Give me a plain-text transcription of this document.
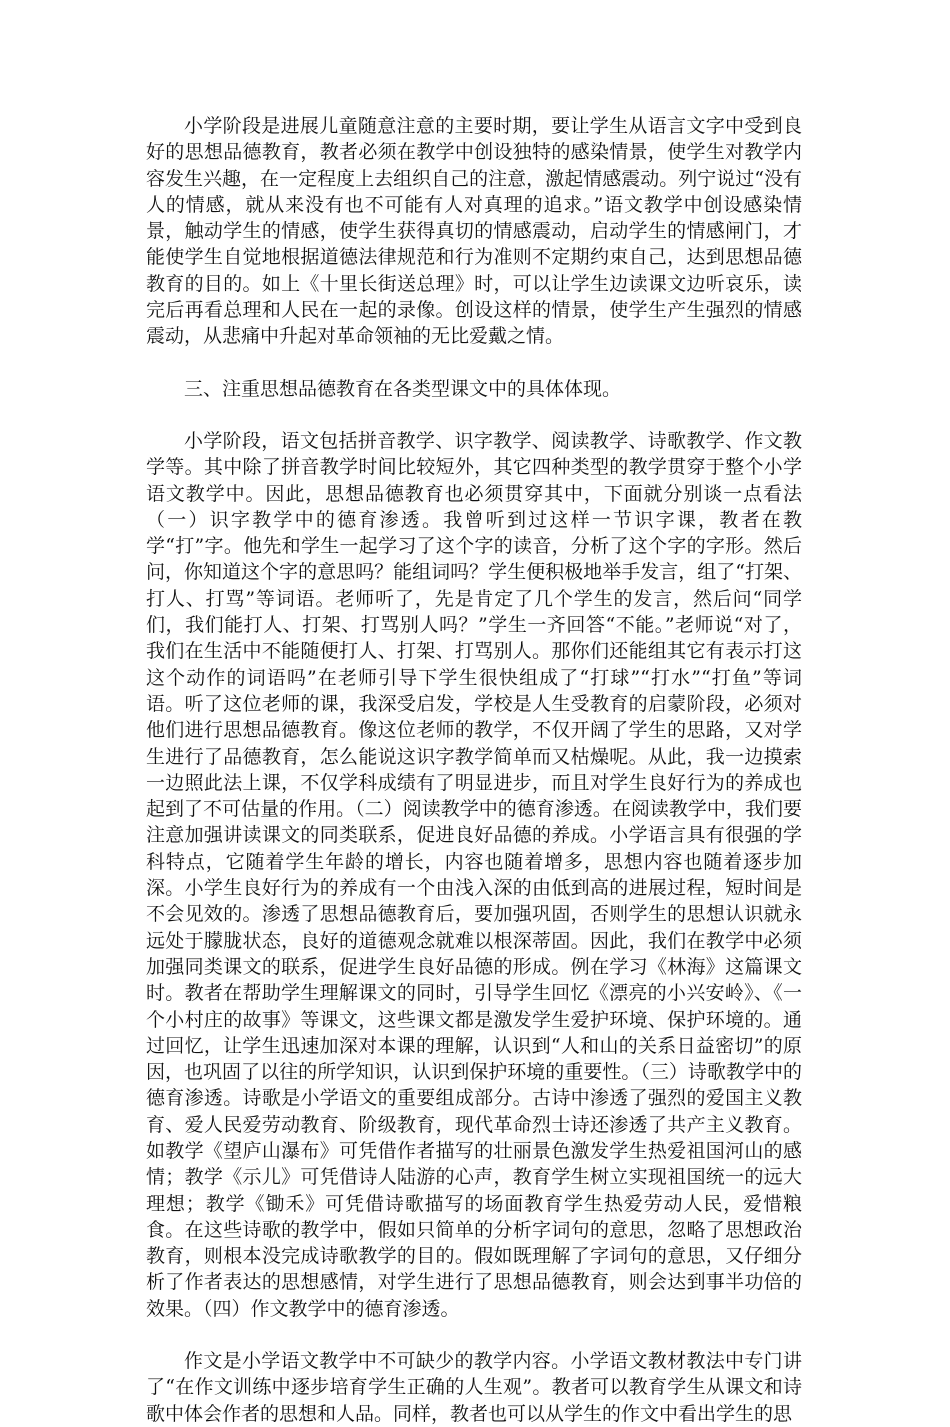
小学阶段是进展儿童随意注意的主要时期，要让学生从语言文字中受到良好的思想品德教育，教者必须在教学中创设独特的感染情景，使学生对教学内容发生兴趣，在一定程度上去组织自己的注意，激起情感震动。列宁说过“没有人的情感，就从来没有也不可能有人对真理的追求。”语文教学中创设感染情景，触动学生的情感，使学生获得真切的情感震动，启动学生的情感闸门，才能使学生自觉地根据道德法律规范和行为准则不定期约束自己，达到思想品德教育的目的。如上《十里长街送总理》时，可以让学生边读课文边听哀乐，读完后再看总理和人民在一起的录像。创设这样的情景，使学生产生强烈的情感震动，从悲痛中升起对革命领袖的无比爱戴之情。

三、注重思想品德教育在各类型课文中的具体体现。

小学阶段，语文包括拼音教学、识字教学、阅读教学、诗歌教学、作文教学等。其中除了拼音教学时间比较短外，其它四种类型的教学贯穿于整个小学语文教学中。因此，思想品德教育也必须贯穿其中，下面就分别谈一点看法（一）识字教学中的德育渗透。我曾听到过这样一节识字课，教者在教学“打”字。他先和学生一起学习了这个字的读音，分析了这个字的字形。然后问，你知道这个字的意思吗？能组词吗？学生便积极地举手发言，组了“打架、打人、打骂”等词语。老师听了，先是肯定了几个学生的发言，然后问“同学们，我们能打人、打架、打骂别人吗？”学生一齐回答“不能。”老师说“对了，我们在生活中不能随便打人、打架、打骂别人。那你们还能组其它有表示打这这个动作的词语吗”在老师引导下学生很快组成了“打球”“打水”“打鱼”等词语。听了这位老师的课，我深受启发，学校是人生受教育的启蒙阶段，必须对他们进行思想品德教育。像这位老师的教学，不仅开阔了学生的思路，又对学生进行了品德教育，怎么能说这识字教学简单而又枯燥呢。从此，我一边摸索一边照此法上课，不仅学科成绩有了明显进步，而且对学生良好行为的养成也起到了不可估量的作用。（二）阅读教学中的德育渗透。在阅读教学中，我们要注意加强讲读课文的同类联系，促进良好品德的养成。小学语言具有很强的学科特点，它随着学生年龄的增长，内容也随着增多，思想内容也随着逐步加深。小学生良好行为的养成有一个由浅入深的由低到高的进展过程，短时间是不会见效的。渗透了思想品德教育后，要加强巩固，否则学生的思想认识就永远处于朦胧状态，良好的道德观念就难以根深蒂固。因此，我们在教学中必须加强同类课文的联系，促进学生良好品德的形成。例在学习《林海》这篇课文时。教者在帮助学生理解课文的同时，引导学生回忆《漂亮的小兴安岭》、《一个小村庄的故事》等课文，这些课文都是激发学生爱护环境、保护环境的。通过回忆，让学生迅速加深对本课的理解，认识到“人和山的关系日益密切”的原因，也巩固了以往的所学知识，认识到保护环境的重要性。（三）诗歌教学中的德育渗透。诗歌是小学语文的重要组成部分。古诗中渗透了强烈的爱国主义教育、爱人民爱劳动教育、阶级教育，现代革命烈士诗还渗透了共产主义教育。如教学《望庐山瀑布》可凭借作者描写的壮丽景色激发学生热爱祖国河山的感情；教学《示儿》可凭借诗人陆游的心声，教育学生树立实现祖国统一的远大理想；教学《锄禾》可凭借诗歌描写的场面教育学生热爱劳动人民，爱惜粮食。在这些诗歌的教学中，假如只简单的分析字词句的意思，忽略了思想政治教育，则根本没完成诗歌教学的目的。假如既理解了字词句的意思，又仔细分析了作者表达的思想感情，对学生进行了思想品德教育，则会达到事半功倍的效果。（四）作文教学中的德育渗透。

作文是小学语文教学中不可缺少的教学内容。小学语文教材教法中专门讲了“在作文训练中逐步培育学生正确的人生观”。教者可以教育学生从课文和诗歌中体会作者的思想和人品。同样，教者也可以从学生的作文中看出学生的思
